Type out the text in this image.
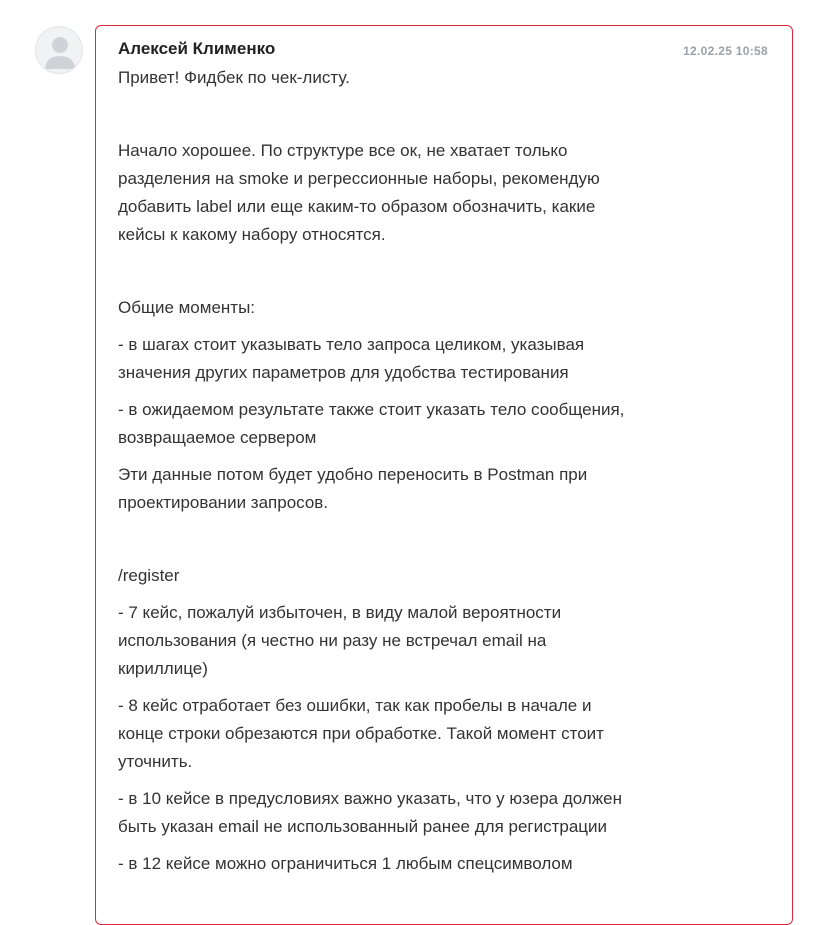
Алексей Клименко	12.02.25 10:58

Привет! Фидбек по чек-листу.

Начало хорошее. По структуре все ок, не хватает только
разделения на smoke и регрессионные наборы, рекомендую
добавить label или еще каким-то образом обозначить, какие
кейсы к какому набору относятся.

Общие моменты:

- в шагах стоит указывать тело запроса целиком, указывая
значения других параметров для удобства тестирования

- в ожидаемом результате также стоит указать тело сообщения,
возвращаемое сервером

Эти данные потом будет удобно переносить в Postman при
проектировании запросов.

/register

- 7 кейс, пожалуй избыточен, в виду малой вероятности
использования (я честно ни разу не встречал email на
кириллице)

- 8 кейс отработает без ошибки, так как пробелы в начале и
конце строки обрезаются при обработке. Такой момент стоит
уточнить.

- в 10 кейсе в предусловиях важно указать, что у юзера должен
быть указан email не использованный ранее для регистрации

- в 12 кейсе можно ограничиться 1 любым спецсимволом
